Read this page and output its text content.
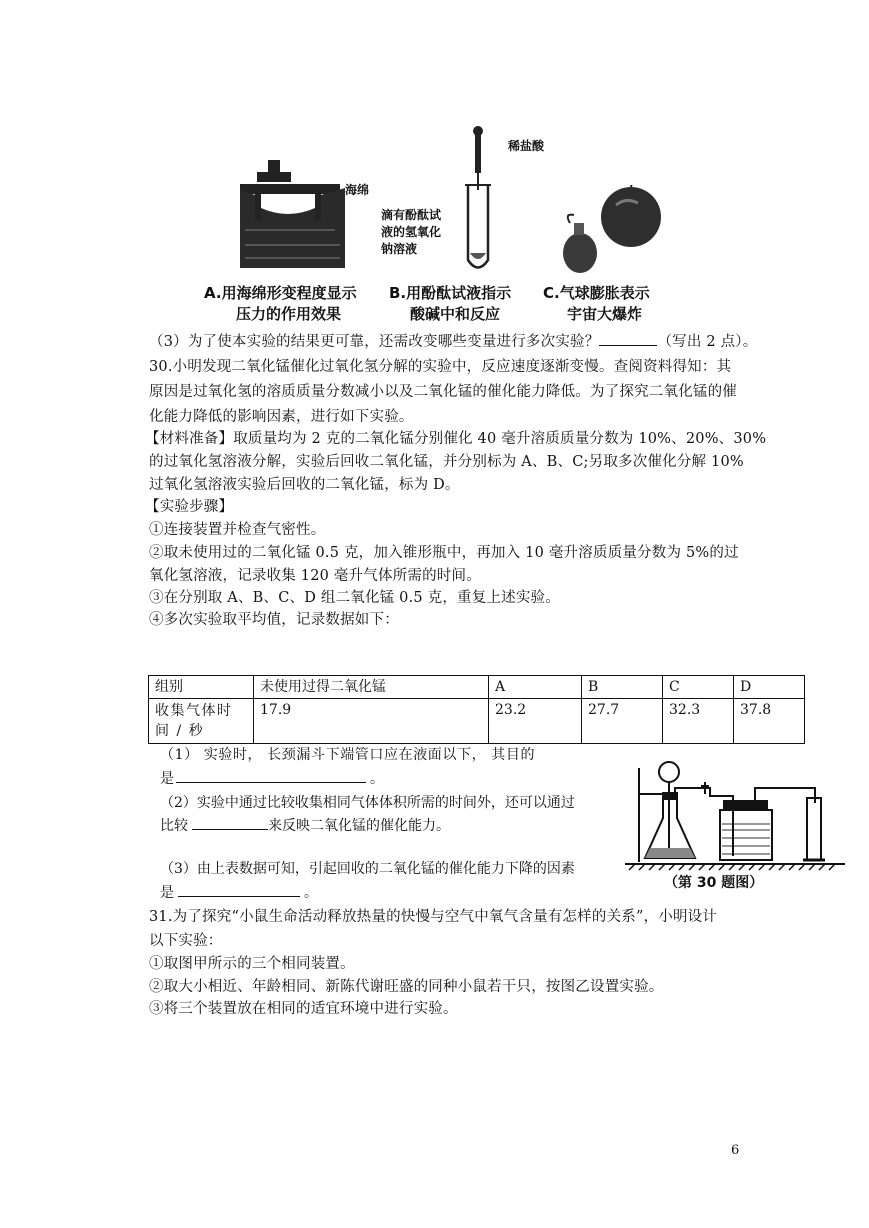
海绵
A.用海绵形变程度显示
压力的作用效果
稀盐酸
滴有酚酞试
液的氢氧化
钠溶液
B.用酚酞试液指示
酸碱中和反应
C.气球膨胀表示
宇宙大爆炸
（3）为了使本实验的结果更可靠，还需改变哪些变量进行多次实验？	（写出 2 点）。
30.小明发现二氧化锰催化过氧化氢分解的实验中，反应速度逐渐变慢。查阅资料得知：其
原因是过氧化氢的溶质质量分数减小以及二氧化锰的催化能力降低。为了探究二氧化锰的催
化能力降低的影响因素，进行如下实验。
【材料准备】取质量均为 2 克的二氧化锰分别催化 40 毫升溶质质量分数为 10%、20%、30%
的过氧化氢溶液分解，实验后回收二氧化锰，并分别标为 A、B、C;另取多次催化分解 10%
过氧化氢溶液实验后回收的二氧化锰，标为 D。
【实验步骤】
①连接装置并检查气密性。
②取未使用过的二氧化锰 0.5 克，加入锥形瓶中，再加入 10 毫升溶质质量分数为 5%的过
氧化氢溶液，记录收集 120 毫升气体所需的时间。
③在分别取 A、B、C、D 组二氧化锰 0.5 克，重复上述实验。
④多次实验取平均值，记录数据如下：
组别	未使用过得二氧化锰	A	B	C	D
收集气体时
间 / 秒	17.9	23.2	27.7	32.3	37.8
（1） 实验时， 长颈漏斗下端管口应在液面以下， 其目的
是	。
（2）实验中通过比较收集相同气体体积所需的时间外，还可以通过
比较	来反映二氧化锰的催化能力。
（3）由上表数据可知，引起回收的二氧化锰的催化能力下降的因素
是	。
（第 30 题图）
31.为了探究“小鼠生命活动释放热量的快慢与空气中氧气含量有怎样的关系”，小明设计
以下实验：
①取图甲所示的三个相同装置。
②取大小相近、年龄相同、新陈代谢旺盛的同种小鼠若干只，按图乙设置实验。
③将三个装置放在相同的适宜环境中进行实验。
6
